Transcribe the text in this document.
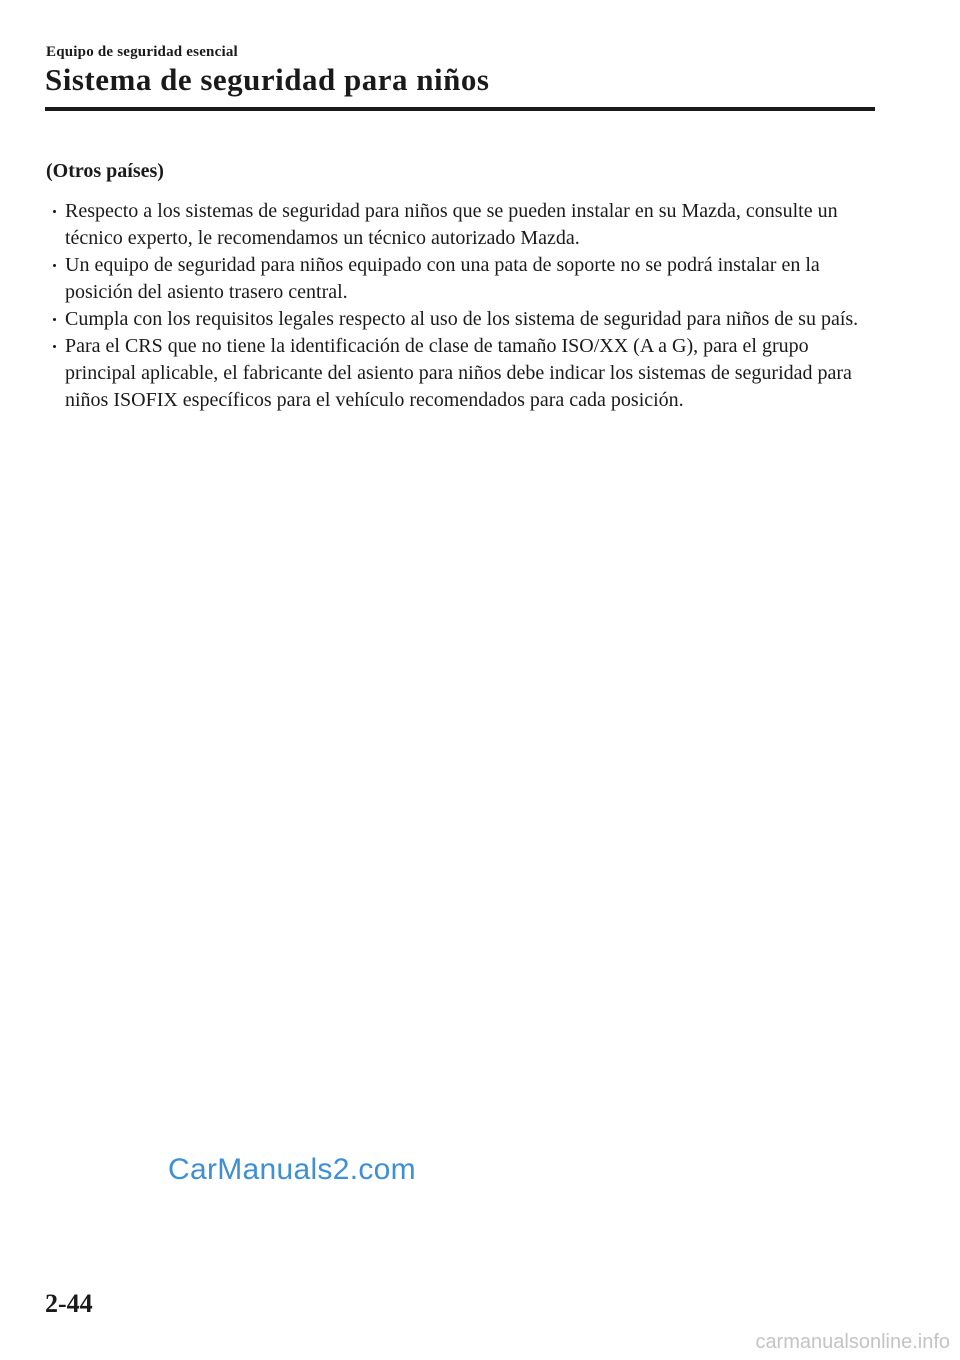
Equipo de seguridad esencial
Sistema de seguridad para niños
(Otros países)
Respecto a los sistemas de seguridad para niños que se pueden instalar en su Mazda, consulte un técnico experto, le recomendamos un técnico autorizado Mazda.
Un equipo de seguridad para niños equipado con una pata de soporte no se podrá instalar en la posición del asiento trasero central.
Cumpla con los requisitos legales respecto al uso de los sistema de seguridad para niños de su país.
Para el CRS que no tiene la identificación de clase de tamaño ISO/XX (A a G), para el grupo principal aplicable, el fabricante del asiento para niños debe indicar los sistemas de seguridad para niños ISOFIX específicos para el vehículo recomendados para cada posición.
CarManuals2.com
2-44
carmanualsonline.info
